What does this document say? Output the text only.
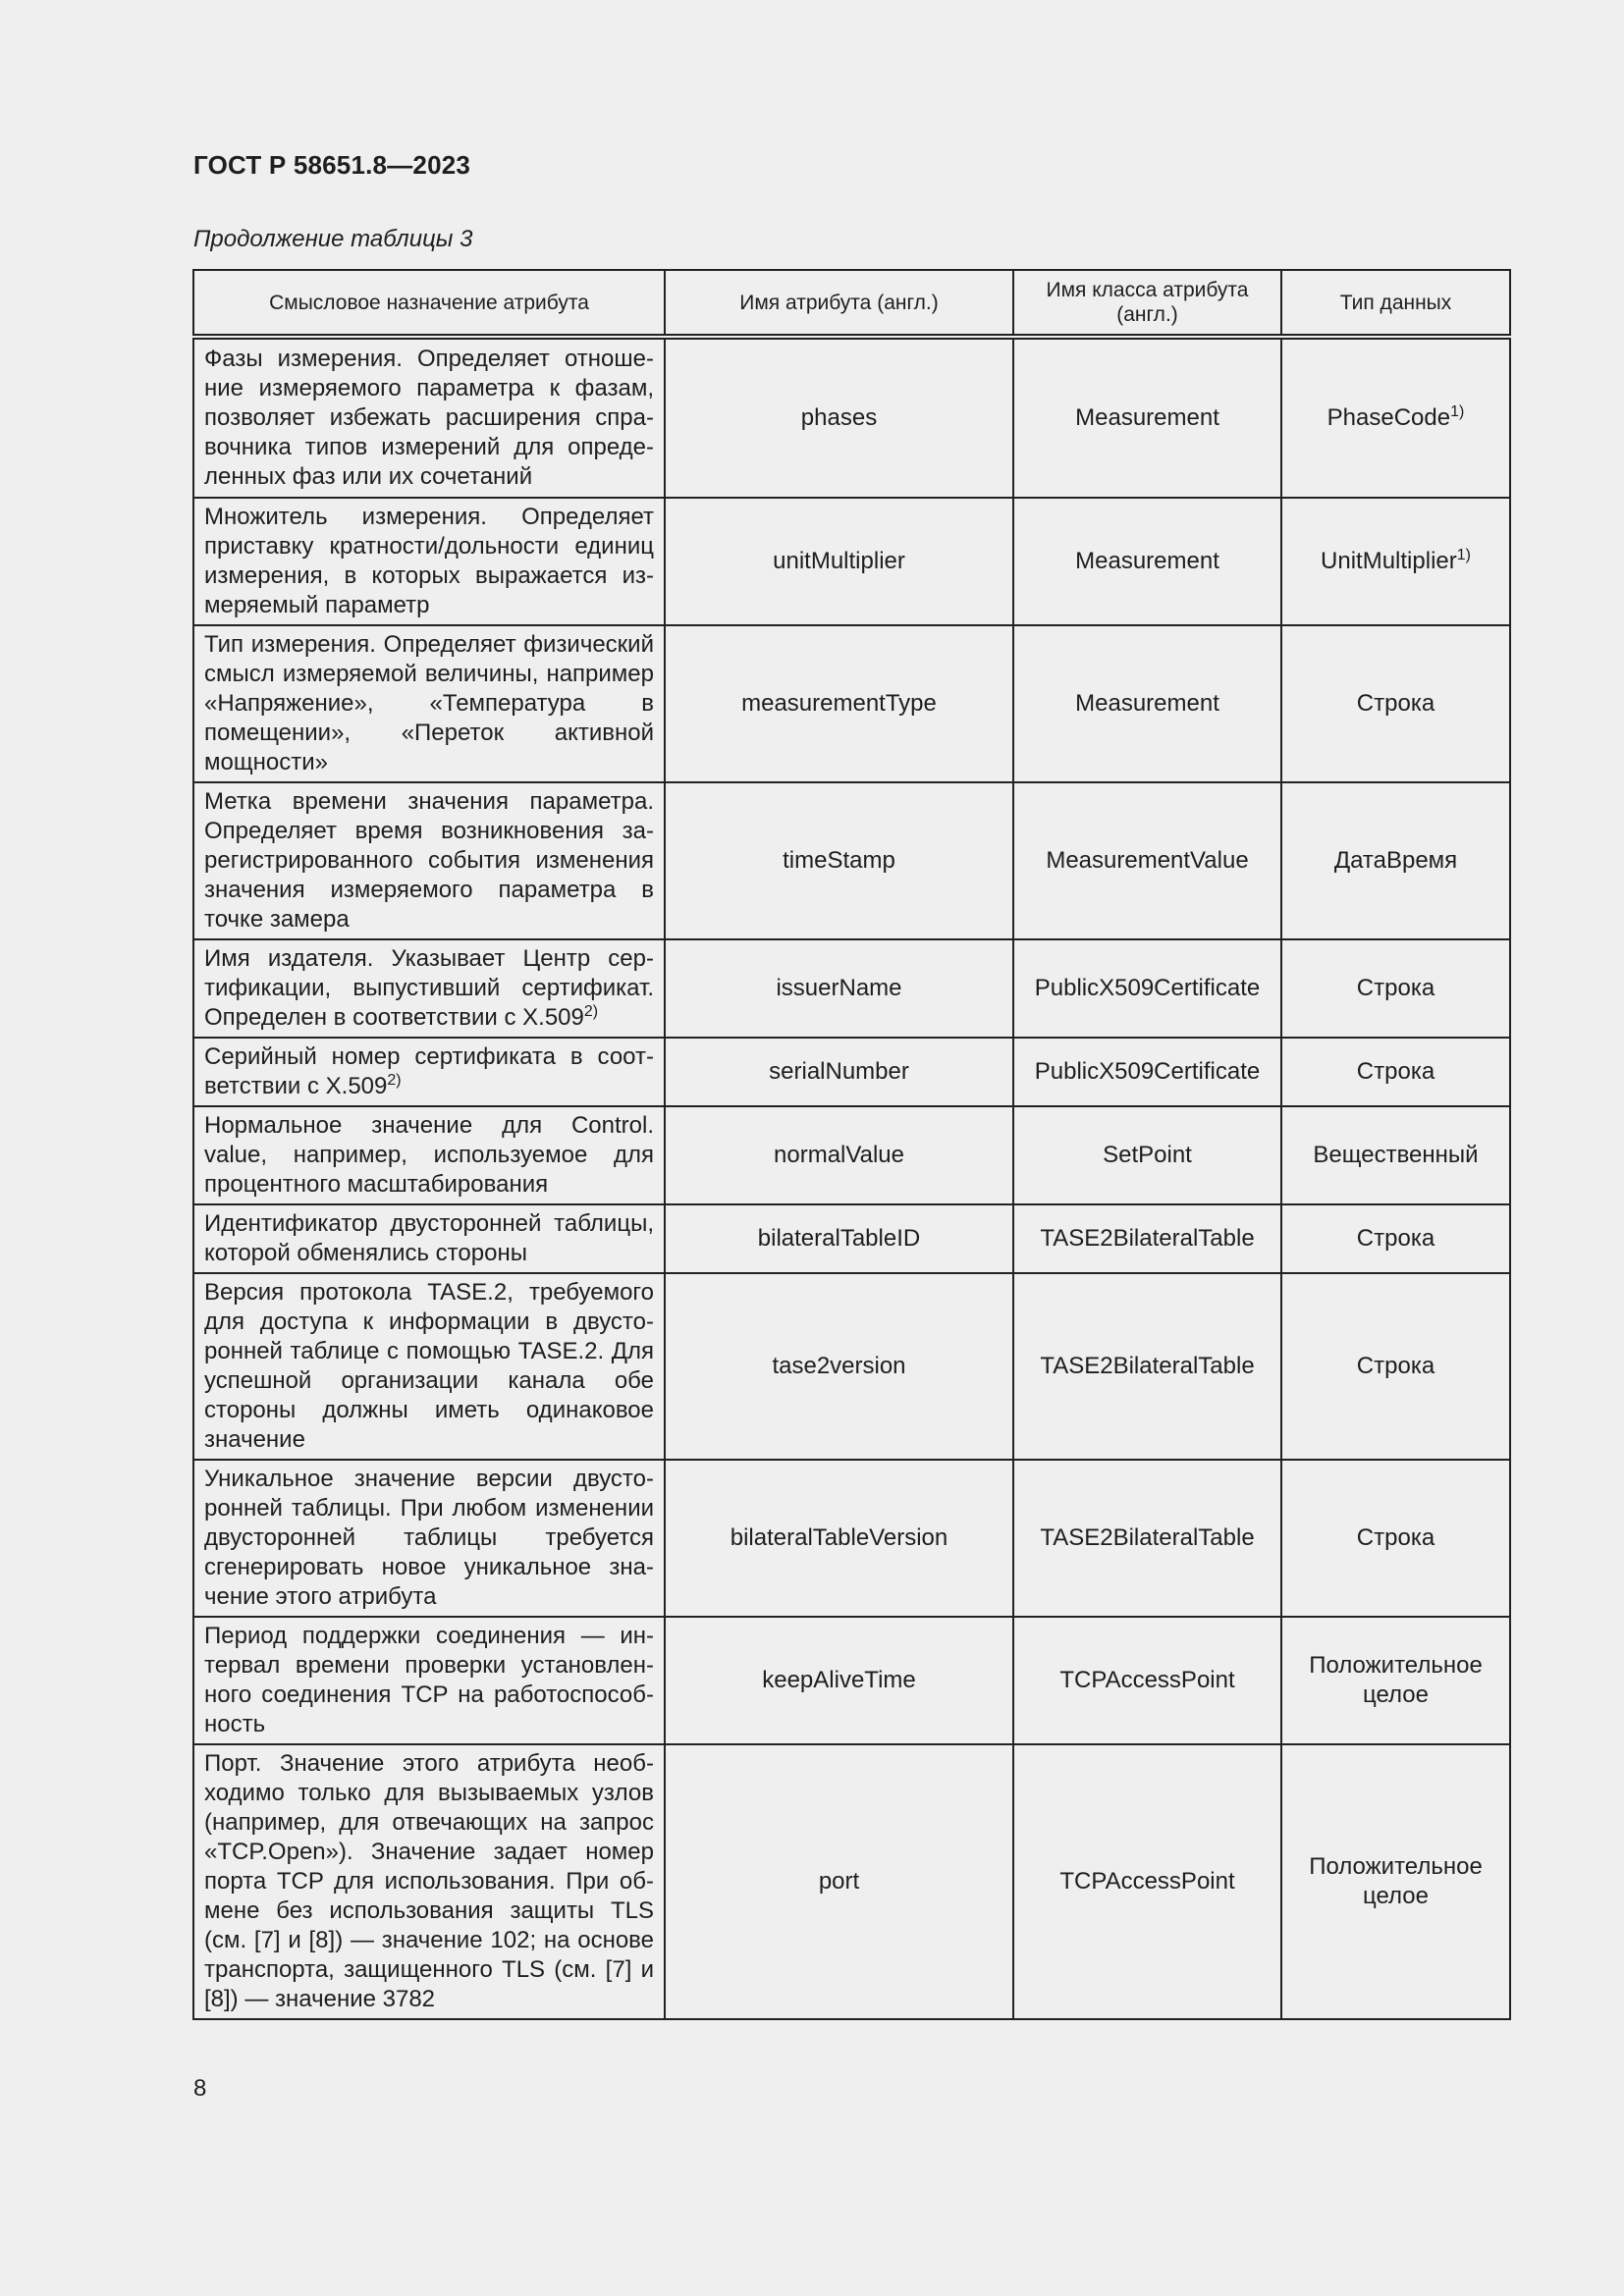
ГОСТ Р 58651.8—2023
Продолжение таблицы 3
Смысловое назначение атрибута	Имя атрибута (англ.)	Имя класса атрибута (англ.)	Тип данных
Фазы измерения. Определяет отношение измеряемого параметра к фазам, позволяет избежать расширения справочника типов измерений для определенных фаз или их сочетаний	phases	Measurement	PhaseCode$^{1)}$
Множитель измерения. Определяет приставку кратности/дольности единиц измерения, в которых выражается измеряемый параметр	unitMultiplier	Measurement	UnitMultiplier$^{1)}$
Тип измерения. Определяет физический смысл измеряемой величины, например «Напряжение», «Температура в помещении», «Переток активной мощности»	measurementType	Measurement	Строка
Метка времени значения параметра. Определяет время возникновения зарегистрированного события изменения значения измеряемого параметра в точке замера	timeStamp	MeasurementValue	ДатаВремя
Имя издателя. Указывает Центр сертификации, выпустивший сертификат. Определен в соответствии с X.509$^{2)}$	issuerName	PublicX509Certificate	Строка
Серийный номер сертификата в соответствии с X.509$^{2)}$	serialNumber	PublicX509Certificate	Строка
Нормальное значение для Control. value, например, используемое для процентного масштабирования	normalValue	SetPoint	Вещественный
Идентификатор двусторонней таблицы, которой обменялись стороны	bilateralTableID	TASE2BilateralTable	Строка
Версия протокола TASE.2, требуемого для доступа к информации в двусторонней таблице с помощью TASE.2. Для успешной организации канала обе стороны должны иметь одинаковое значение	tase2version	TASE2BilateralTable	Строка
Уникальное значение версии двусторонней таблицы. При любом изменении двусторонней таблицы требуется сгенерировать новое уникальное значение этого атрибута	bilateralTableVersion	TASE2BilateralTable	Строка
Период поддержки соединения — интервал времени проверки установленного соединения TCP на работоспособность	keepAliveTime	TCPAccessPoint	Положительное целое
Порт. Значение этого атрибута необходимо только для вызываемых узлов (например, для отвечающих на запрос «TCP.Open»). Значение задает номер порта TCP для использования. При обмене без использования защиты TLS (см. [7] и [8]) — значение 102; на основе транспорта, защищенного TLS (см. [7] и [8]) — значение 3782	port	TCPAccessPoint	Положительное целое
8
